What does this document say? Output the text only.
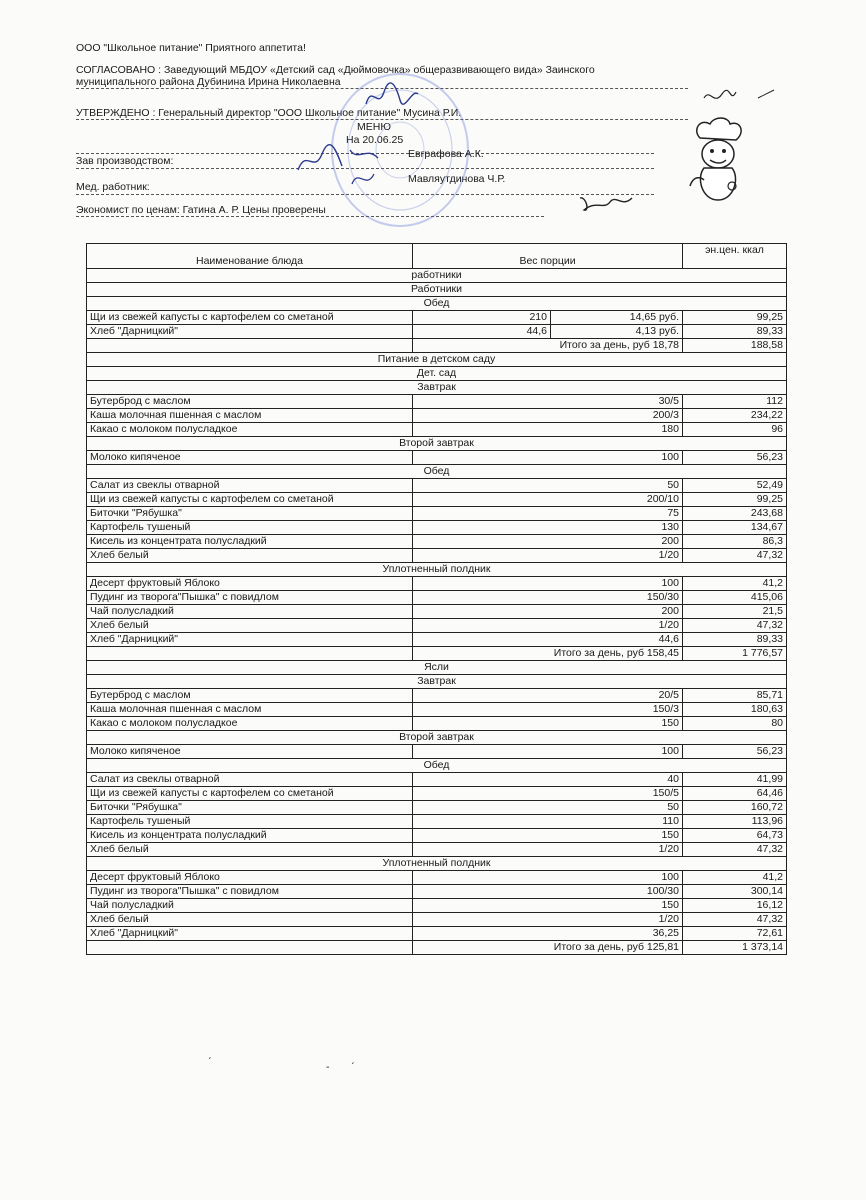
ООО "Школьное питание" Приятного аппетита!
СОГЛАСОВАНО : Заведующий МБДОУ «Детский сад «Дюймовочка» общеразвивающего вида» Заинского
муниципального района Дубинина Ирина Николаевна
УТВЕРЖДЕНО : Генеральный директор "ООО Школьное питание" Мусина Р.И.
МЕНЮ
На 20.06.25
Зав производством:
Евграфова А.К.
Мед. работник:
Мавляутдинова Ч.Р.
Экономист по ценам: Гатина А. Р. Цены проверены
Наименование блюда	Вес порции		эн.цен. ккал
работники			
Работники			
Обед			
Щи из свежей капусты с картофелем со сметаной	210	14,65 руб.	99,25
Хлеб "Дарницкий"	44,6	4,13 руб.	89,33
	Итого за день, руб 18,78		188,58
Питание в детском саду			
Дет. сад			
Завтрак			
Бутерброд с маслом	30/5		112
Каша молочная пшенная с маслом	200/3		234,22
Какао с молоком полусладкое	180		96
Второй завтрак			
Молоко кипяченое	100		56,23
Обед			
Салат из свеклы отварной	50		52,49
Щи из свежей капусты с картофелем со сметаной	200/10		99,25
Биточки "Рябушка"	75		243,68
Картофель тушеный	130		134,67
Кисель из концентрата полусладкий	200		86,3
Хлеб белый	1/20		47,32
Уплотненный полдник			
Десерт фруктовый Яблоко	100		41,2
Пудинг из творога"Пышка" с повидлом	150/30		415,06
Чай полусладкий	200		21,5
Хлеб белый	1/20		47,32
Хлеб "Дарницкий"	44,6		89,33
	Итого за день, руб 158,45		1 776,57
Ясли			
Завтрак			
Бутерброд с маслом	20/5		85,71
Каша молочная пшенная с маслом	150/3		180,63
Какао с молоком полусладкое	150		80
Второй завтрак			
Молоко кипяченое	100		56,23
Обед			
Салат из свеклы отварной	40		41,99
Щи из свежей капусты с картофелем со сметаной	150/5		64,46
Биточки "Рябушка"	50		160,72
Картофель тушеный	110		113,96
Кисель из концентрата полусладкий	150		64,73
Хлеб белый	1/20		47,32
Уплотненный полдник			
Десерт фруктовый Яблоко	100		41,2
Пудинг из творога"Пышка" с повидлом	100/30		300,14
Чай полусладкий	150		16,12
Хлеб белый	1/20		47,32
Хлеб "Дарницкий"	36,25		72,61
	Итого за день, руб 125,81		1 373,14
ˊ	- ˊ
